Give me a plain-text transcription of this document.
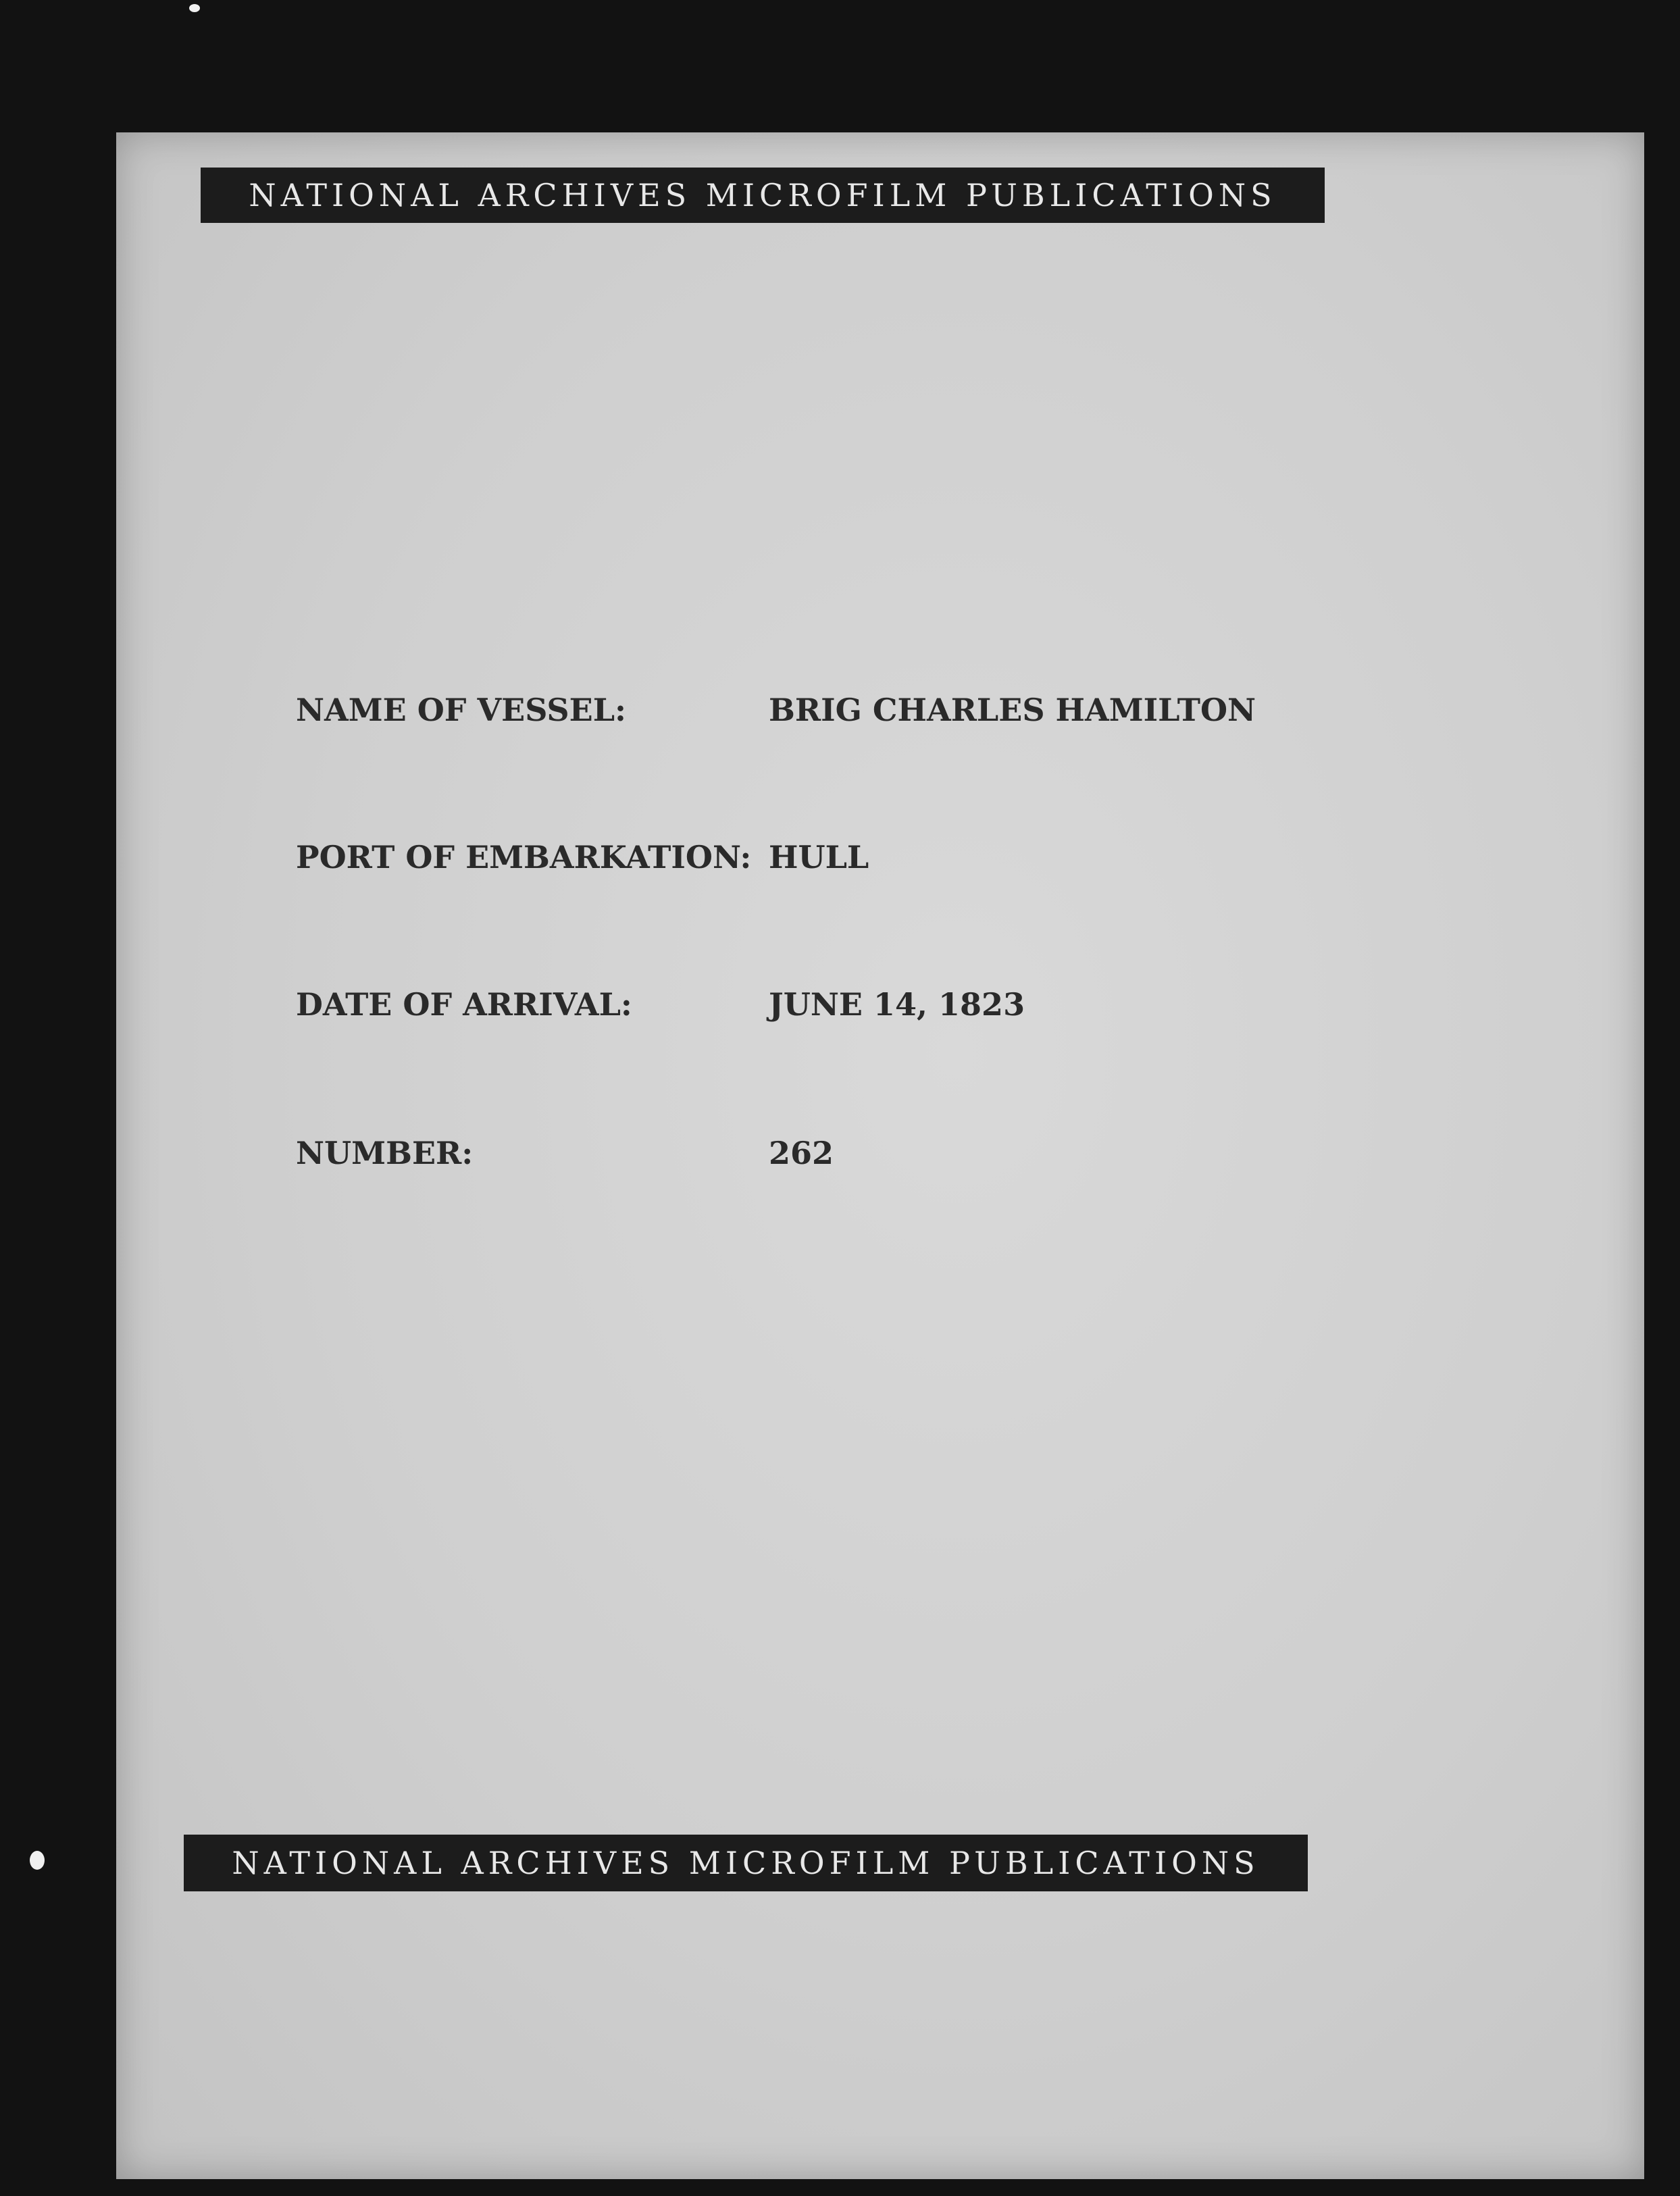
NATIONAL ARCHIVES MICROFILM PUBLICATIONS
NAME OF VESSEL:	BRIG CHARLES HAMILTON
PORT OF EMBARKATION: HULL
DATE OF ARRIVAL:	JUNE 14, 1823
NUMBER:	262
NATIONAL ARCHIVES MICROFILM PUBLICATIONS
